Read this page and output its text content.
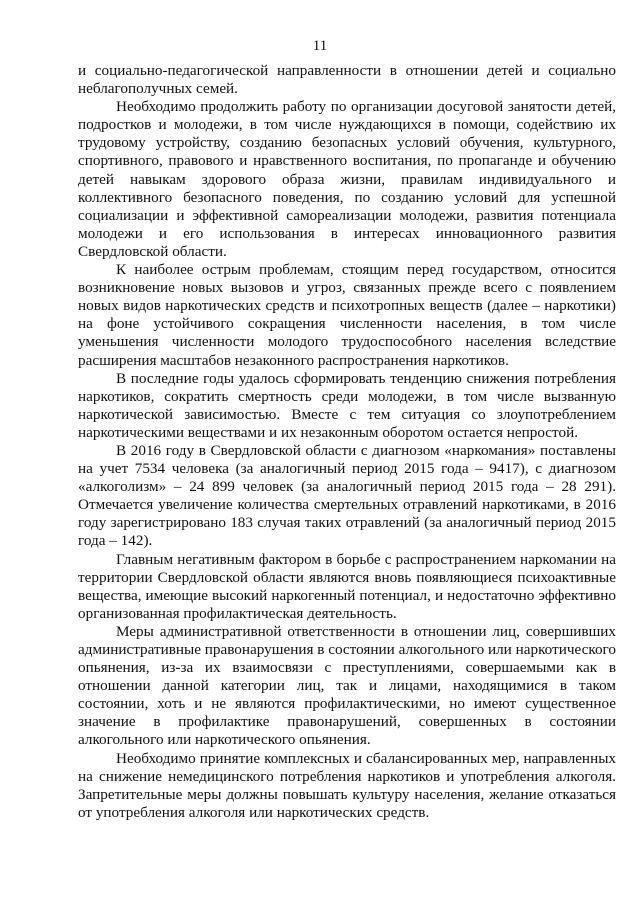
11

и социально-педагогической направленности в отношении детей и социально неблагополучных семей.

Необходимо продолжить работу по организации досуговой занятости детей, подростков и молодежи, в том числе нуждающихся в помощи, содействию их трудовому устройству, созданию безопасных условий обучения, культурного, спортивного, правового и нравственного воспитания, по пропаганде и обучению детей навыкам здорового образа жизни, правилам индивидуального и коллективного безопасного поведения, по созданию условий для успешной социализации и эффективной самореализации молодежи, развития потенциала молодежи и его использования в интересах инновационного развития Свердловской области.

К наиболее острым проблемам, стоящим перед государством, относится возникновение новых вызовов и угроз, связанных прежде всего с появлением новых видов наркотических средств и психотропных веществ (далее – наркотики) на фоне устойчивого сокращения численности населения, в том числе уменьшения численности молодого трудоспособного населения вследствие расширения масштабов незаконного распространения наркотиков.

В последние годы удалось сформировать тенденцию снижения потребления наркотиков, сократить смертность среди молодежи, в том числе вызванную наркотической зависимостью. Вместе с тем ситуация со злоупотреблением наркотическими веществами и их незаконным оборотом остается непростой.

В 2016 году в Свердловской области с диагнозом «наркомания» поставлены на учет 7534 человека (за аналогичный период 2015 года – 9417), с диагнозом «алкоголизм» – 24 899 человек (за аналогичный период 2015 года – 28 291). Отмечается увеличение количества смертельных отравлений наркотиками, в 2016 году зарегистрировано 183 случая таких отравлений (за аналогичный период 2015 года – 142).

Главным негативным фактором в борьбе с распространением наркомании на территории Свердловской области являются вновь появляющиеся психоактивные вещества, имеющие высокий наркогенный потенциал, и недостаточно эффективно организованная профилактическая деятельность.

Меры административной ответственности в отношении лиц, совершивших административные правонарушения в состоянии алкогольного или наркотического опьянения, из-за их взаимосвязи с преступлениями, совершаемыми как в отношении данной категории лиц, так и лицами, находящимися в таком состоянии, хоть и не являются профилактическими, но имеют существенное значение в профилактике правонарушений, совершенных в состоянии алкогольного или наркотического опьянения.

Необходимо принятие комплексных и сбалансированных мер, направленных на снижение немедицинского потребления наркотиков и употребления алкоголя. Запретительные меры должны повышать культуру населения, желание отказаться от употребления алкоголя или наркотических средств.
